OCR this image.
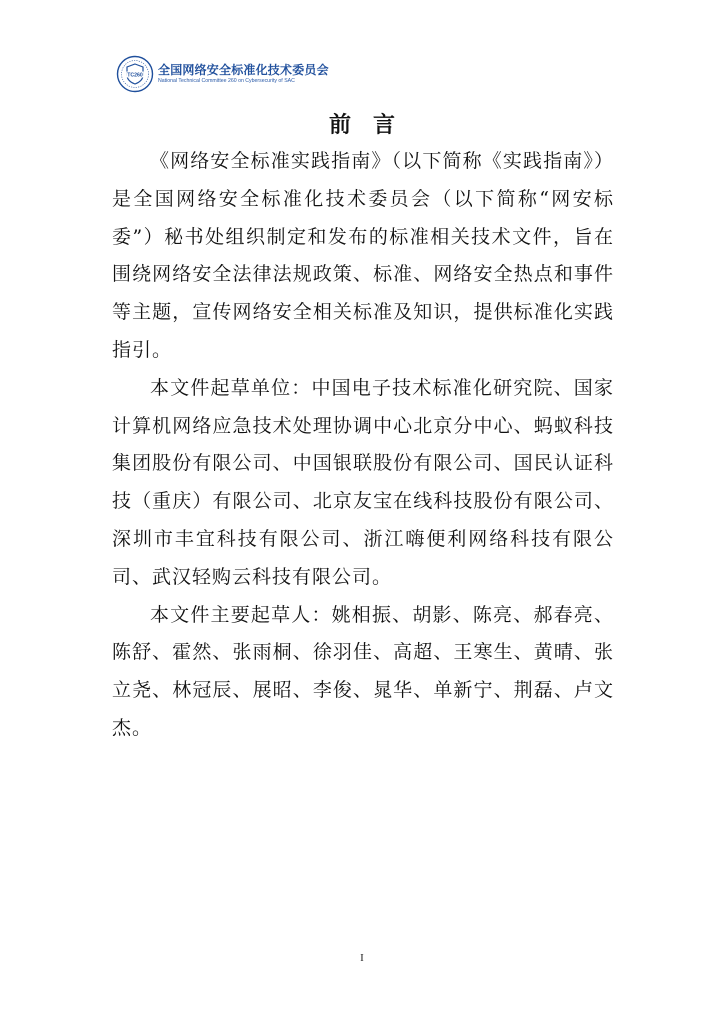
TC260 全国网络安全标准化技术委员会
National Technical Committee 260 on Cybersecurity of SAC
前言

《网络安全标准实践指南》（以下简称《实践指南》）是全国网络安全标准化技术委员会（以下简称“网安标委”）秘书处组织制定和发布的标准相关技术文件，旨在围绕网络安全法律法规政策、标准、网络安全热点和事件等主题，宣传网络安全相关标准及知识，提供标准化实践指引。

本文件起草单位：中国电子技术标准化研究院、国家计算机网络应急技术处理协调中心北京分中心、蚂蚁科技集团股份有限公司、中国银联股份有限公司、国民认证科技（重庆）有限公司、北京友宝在线科技股份有限公司、深圳市丰宜科技有限公司、浙江嗨便利网络科技有限公司、武汉轻购云科技有限公司。

本文件主要起草人：姚相振、胡影、陈亮、郝春亮、陈舒、霍然、张雨桐、徐羽佳、高超、王寒生、黄晴、张立尧、林冠辰、展昭、李俊、晁华、单新宁、荆磊、卢文杰。

I
